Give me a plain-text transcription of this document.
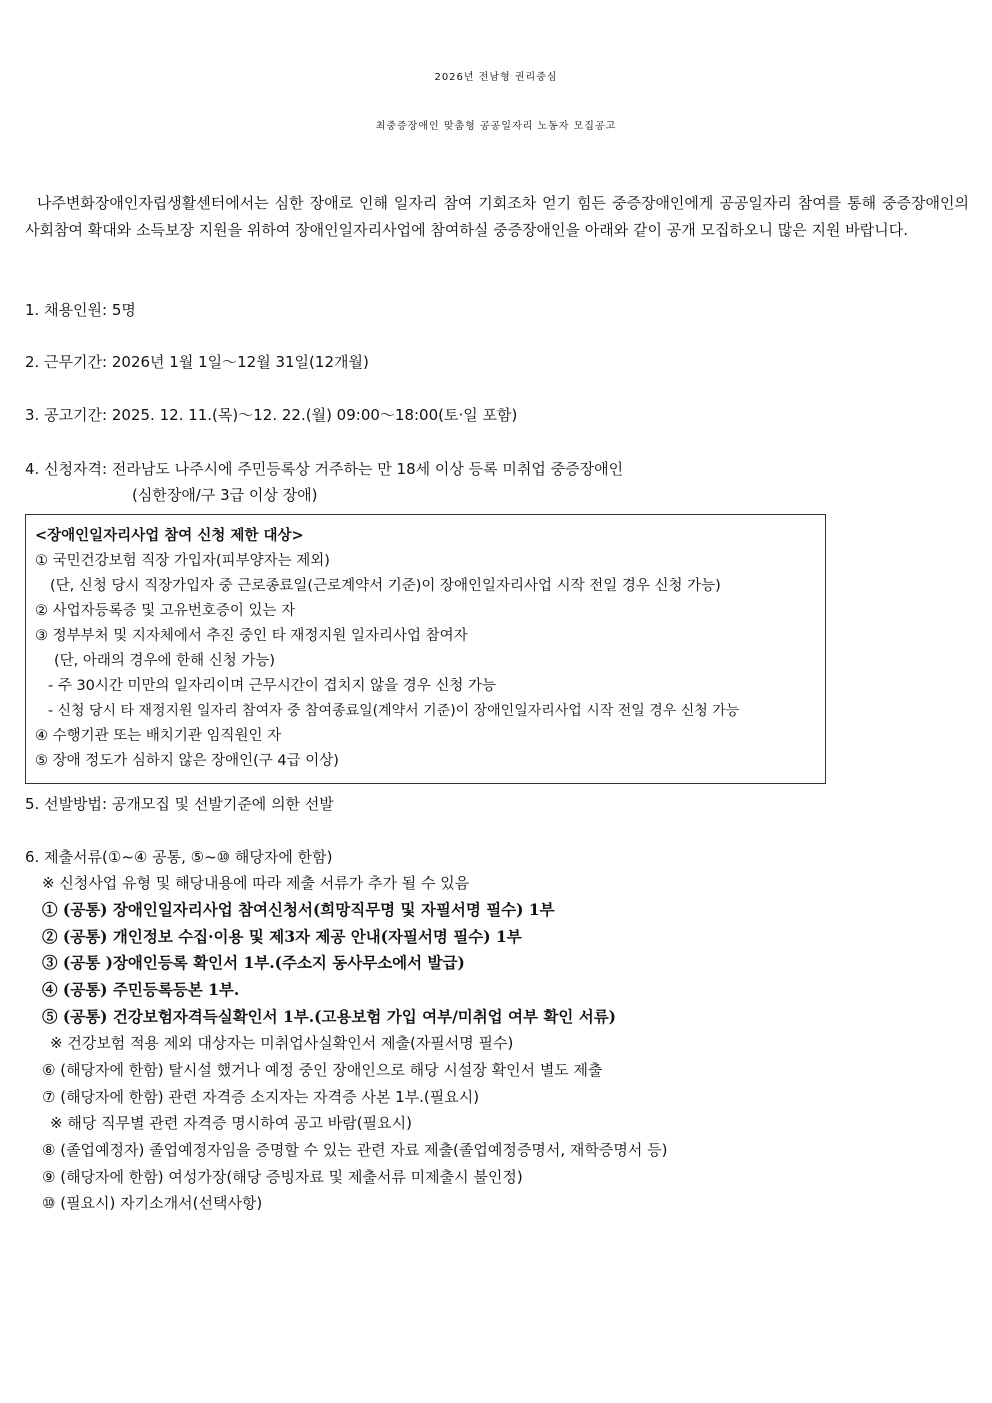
2026년 전남형 권리중심
최중증장애인 맞춤형 공공일자리 노동자 모집공고

나주변화장애인자립생활센터에서는 심한 장애로 인해 일자리 참여 기회조차 얻기 힘든 중증장애인에게 공공일자리 참여를 통해 중증장애인의 사회참여 확대와 소득보장 지원을 위하여 장애인일자리사업에 참여하실 중증장애인을 아래와 같이 공개 모집하오니 많은 지원 바랍니다.

1. 채용인원: 5명

2. 근무기간: 2026년 1월 1일～12월 31일(12개월)

3. 공고기간: 2025. 12. 11.(목)～12. 22.(월) 09:00～18:00(토·일 포함)

4. 신청자격: 전라남도 나주시에 주민등록상 거주하는 만 18세 이상 등록 미취업 중증장애인

(심한장애/구 3급 이상 장애)

<장애인일자리사업 참여 신청 제한 대상>

① 국민건강보험 직장 가입자(피부양자는 제외)

(단, 신청 당시 직장가입자 중 근로종료일(근로계약서 기준)이 장애인일자리사업 시작 전일 경우 신청 가능)

② 사업자등록증 및 고유번호증이 있는 자

③ 정부부처 및 지자체에서 추진 중인 타 재정지원 일자리사업 참여자

(단, 아래의 경우에 한해 신청 가능)

- 주 30시간 미만의 일자리이며 근무시간이 겹치지 않을 경우 신청 가능

- 신청 당시 타 재정지원 일자리 참여자 중 참여종료일(계약서 기준)이 장애인일자리사업 시작 전일 경우 신청 가능

④ 수행기관 또는 배치기관 임직원인 자

⑤ 장애 정도가 심하지 않은 장애인(구 4급 이상)

5. 선발방법: 공개모집 및 선발기준에 의한 선발

6. 제출서류(①~④ 공통, ⑤~⑩ 해당자에 한함)

※ 신청사업 유형 및 해당내용에 따라 제출 서류가 추가 될 수 있음

① (공통) 장애인일자리사업 참여신청서(희망직무명 및 자필서명 필수) 1부

② (공통) 개인정보 수집·이용 및 제3자 제공 안내(자필서명 필수) 1부

③ (공통 )장애인등록 확인서 1부.(주소지 동사무소에서 발급)

④ (공통) 주민등록등본 1부.

⑤ (공통) 건강보험자격득실확인서 1부.(고용보험 가입 여부/미취업 여부 확인 서류)

※ 건강보험 적용 제외 대상자는 미취업사실확인서 제출(자필서명 필수)

⑥ (해당자에 한함) 탈시설 했거나 예정 중인 장애인으로 해당 시설장 확인서 별도 제출

⑦ (해당자에 한함) 관련 자격증 소지자는 자격증 사본 1부.(필요시)

※ 해당 직무별 관련 자격증 명시하여 공고 바람(필요시)

⑧ (졸업예정자) 졸업예정자임을 증명할 수 있는 관련 자료 제출(졸업예정증명서, 재학증명서 등)

⑨ (해당자에 한함) 여성가장(해당 증빙자료 및 제출서류 미제출시 불인정)

⑩ (필요시) 자기소개서(선택사항)
